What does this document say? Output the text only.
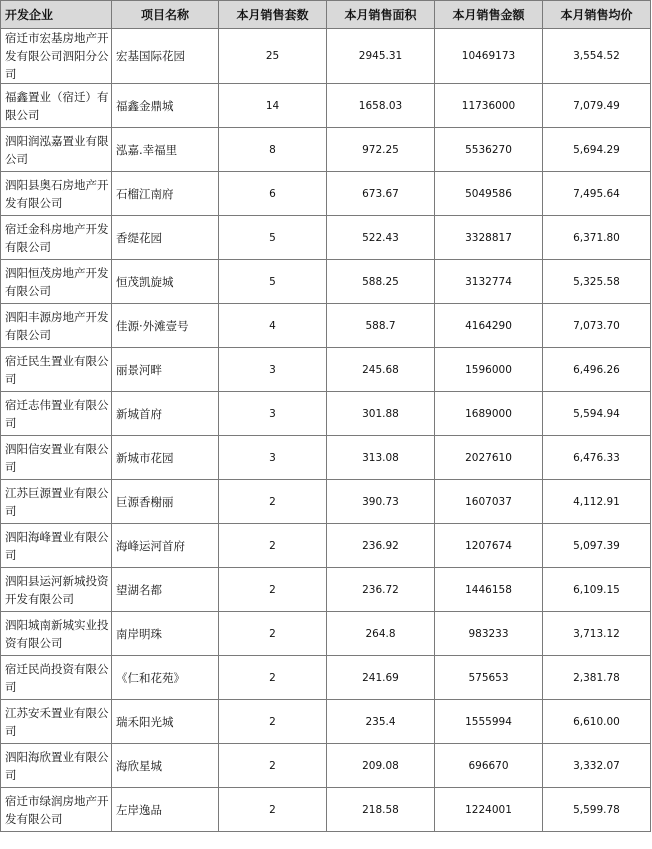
开发企业	项目名称	本月销售套数	本月销售面积	本月销售金额	本月销售均价
宿迁市宏基房地产开发有限公司泗阳分公司	宏基国际花园	25	2945.31	10469173	3,554.52
福鑫置业（宿迁）有限公司	福鑫金鼎城	14	1658.03	11736000	7,079.49
泗阳润泓嘉置业有限公司	泓嘉.幸福里	8	972.25	5536270	5,694.29
泗阳县奥石房地产开发有限公司	石榴江南府	6	673.67	5049586	7,495.64
宿迁金科房地产开发有限公司	香缇花园	5	522.43	3328817	6,371.80
泗阳恒茂房地产开发有限公司	恒茂凯旋城	5	588.25	3132774	5,325.58
泗阳丰源房地产开发有限公司	佳源·外滩壹号	4	588.7	4164290	7,073.70
宿迁民生置业有限公司	丽景河畔	3	245.68	1596000	6,496.26
宿迁志伟置业有限公司	新城首府	3	301.88	1689000	5,594.94
泗阳信安置业有限公司	新城市花园	3	313.08	2027610	6,476.33
江苏巨源置业有限公司	巨源香榭丽	2	390.73	1607037	4,112.91
泗阳海峰置业有限公司	海峰运河首府	2	236.92	1207674	5,097.39
泗阳县运河新城投资开发有限公司	望湖名都	2	236.72	1446158	6,109.15
泗阳城南新城实业投资有限公司	南岸明珠	2	264.8	983233	3,713.12
宿迁民尚投资有限公司	《仁和花苑》	2	241.69	575653	2,381.78
江苏安禾置业有限公司	瑞禾阳光城	2	235.4	1555994	6,610.00
泗阳海欣置业有限公司	海欣星城	2	209.08	696670	3,332.07
宿迁市绿润房地产开发有限公司	左岸逸品	2	218.58	1224001	5,599.78
